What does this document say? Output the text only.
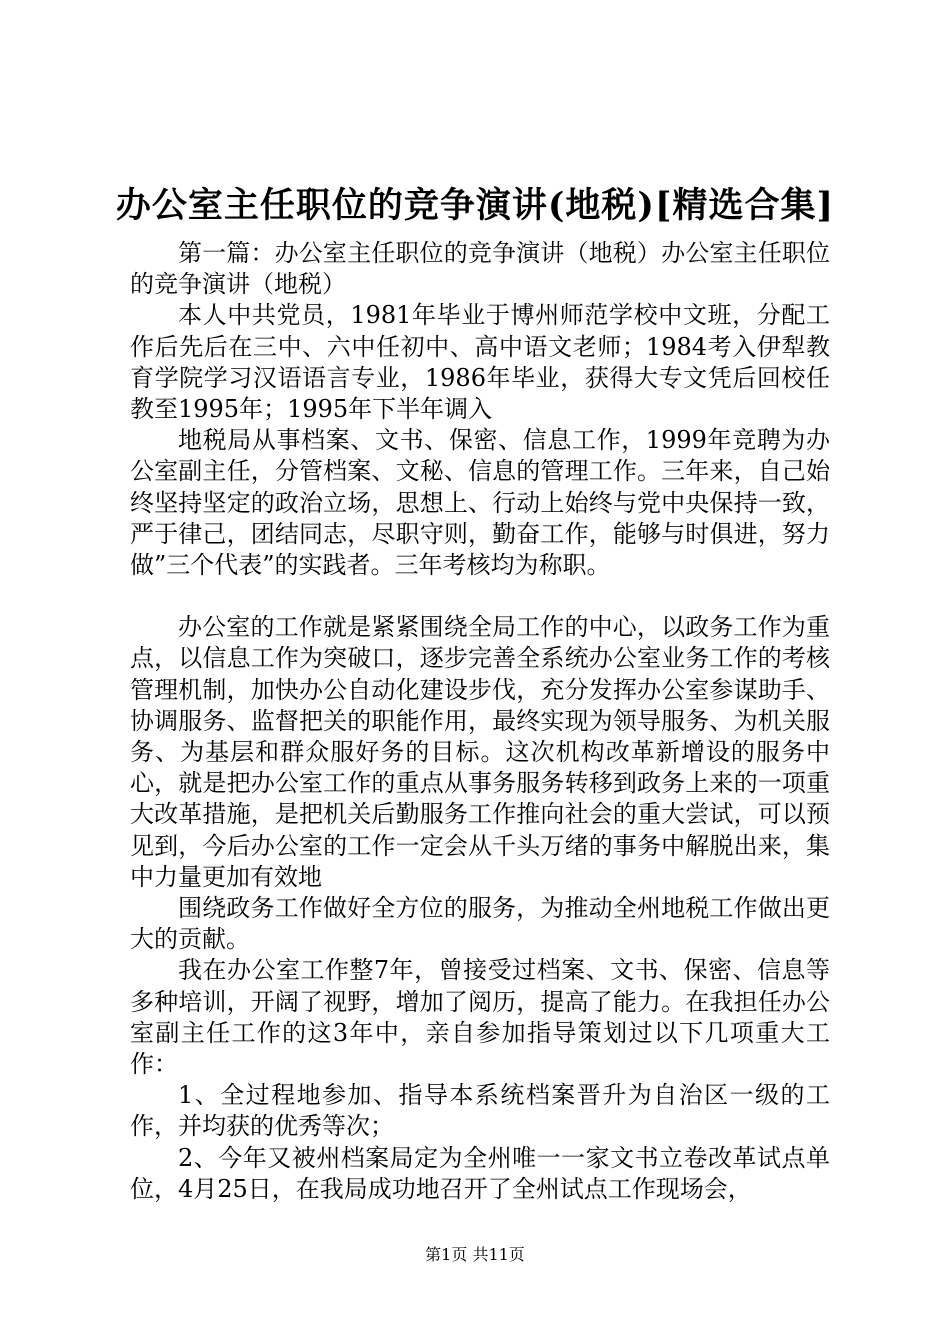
办公室主任职位的竞争演讲(地税)[精选合集]

第一篇：办公室主任职位的竞争演讲（地税）办公室主任职位的竞争演讲（地税）

本人中共党员，1981年毕业于博州师范学校中文班，分配工作后先后在三中、六中任初中、高中语文老师；1984考入伊犁教育学院学习汉语语言专业，1986年毕业，获得大专文凭后回校任教至1995年；1995年下半年调入

地税局从事档案、文书、保密、信息工作，1999年竞聘为办公室副主任，分管档案、文秘、信息的管理工作。三年来，自己始终坚持坚定的政治立场，思想上、行动上始终与党中央保持一致，严于律己，团结同志，尽职守则，勤奋工作，能够与时俱进，努力做”三个代表”的实践者。三年考核均为称职。

办公室的工作就是紧紧围绕全局工作的中心，以政务工作为重点，以信息工作为突破口，逐步完善全系统办公室业务工作的考核管理机制，加快办公自动化建设步伐，充分发挥办公室参谋助手、协调服务、监督把关的职能作用，最终实现为领导服务、为机关服务、为基层和群众服好务的目标。这次机构改革新增设的服务中心，就是把办公室工作的重点从事务服务转移到政务上来的一项重大改革措施，是把机关后勤服务工作推向社会的重大尝试，可以预见到，今后办公室的工作一定会从千头万绪的事务中解脱出来，集中力量更加有效地

围绕政务工作做好全方位的服务，为推动全州地税工作做出更大的贡献。

我在办公室工作整7年，曾接受过档案、文书、保密、信息等多种培训，开阔了视野，增加了阅历，提高了能力。在我担任办公室副主任工作的这3年中，亲自参加指导策划过以下几项重大工作：

1、全过程地参加、指导本系统档案晋升为自治区一级的工作，并均获的优秀等次；

2、今年又被州档案局定为全州唯一一家文书立卷改革试点单位，4月25日，在我局成功地召开了全州试点工作现场会，

第1页 共11页
